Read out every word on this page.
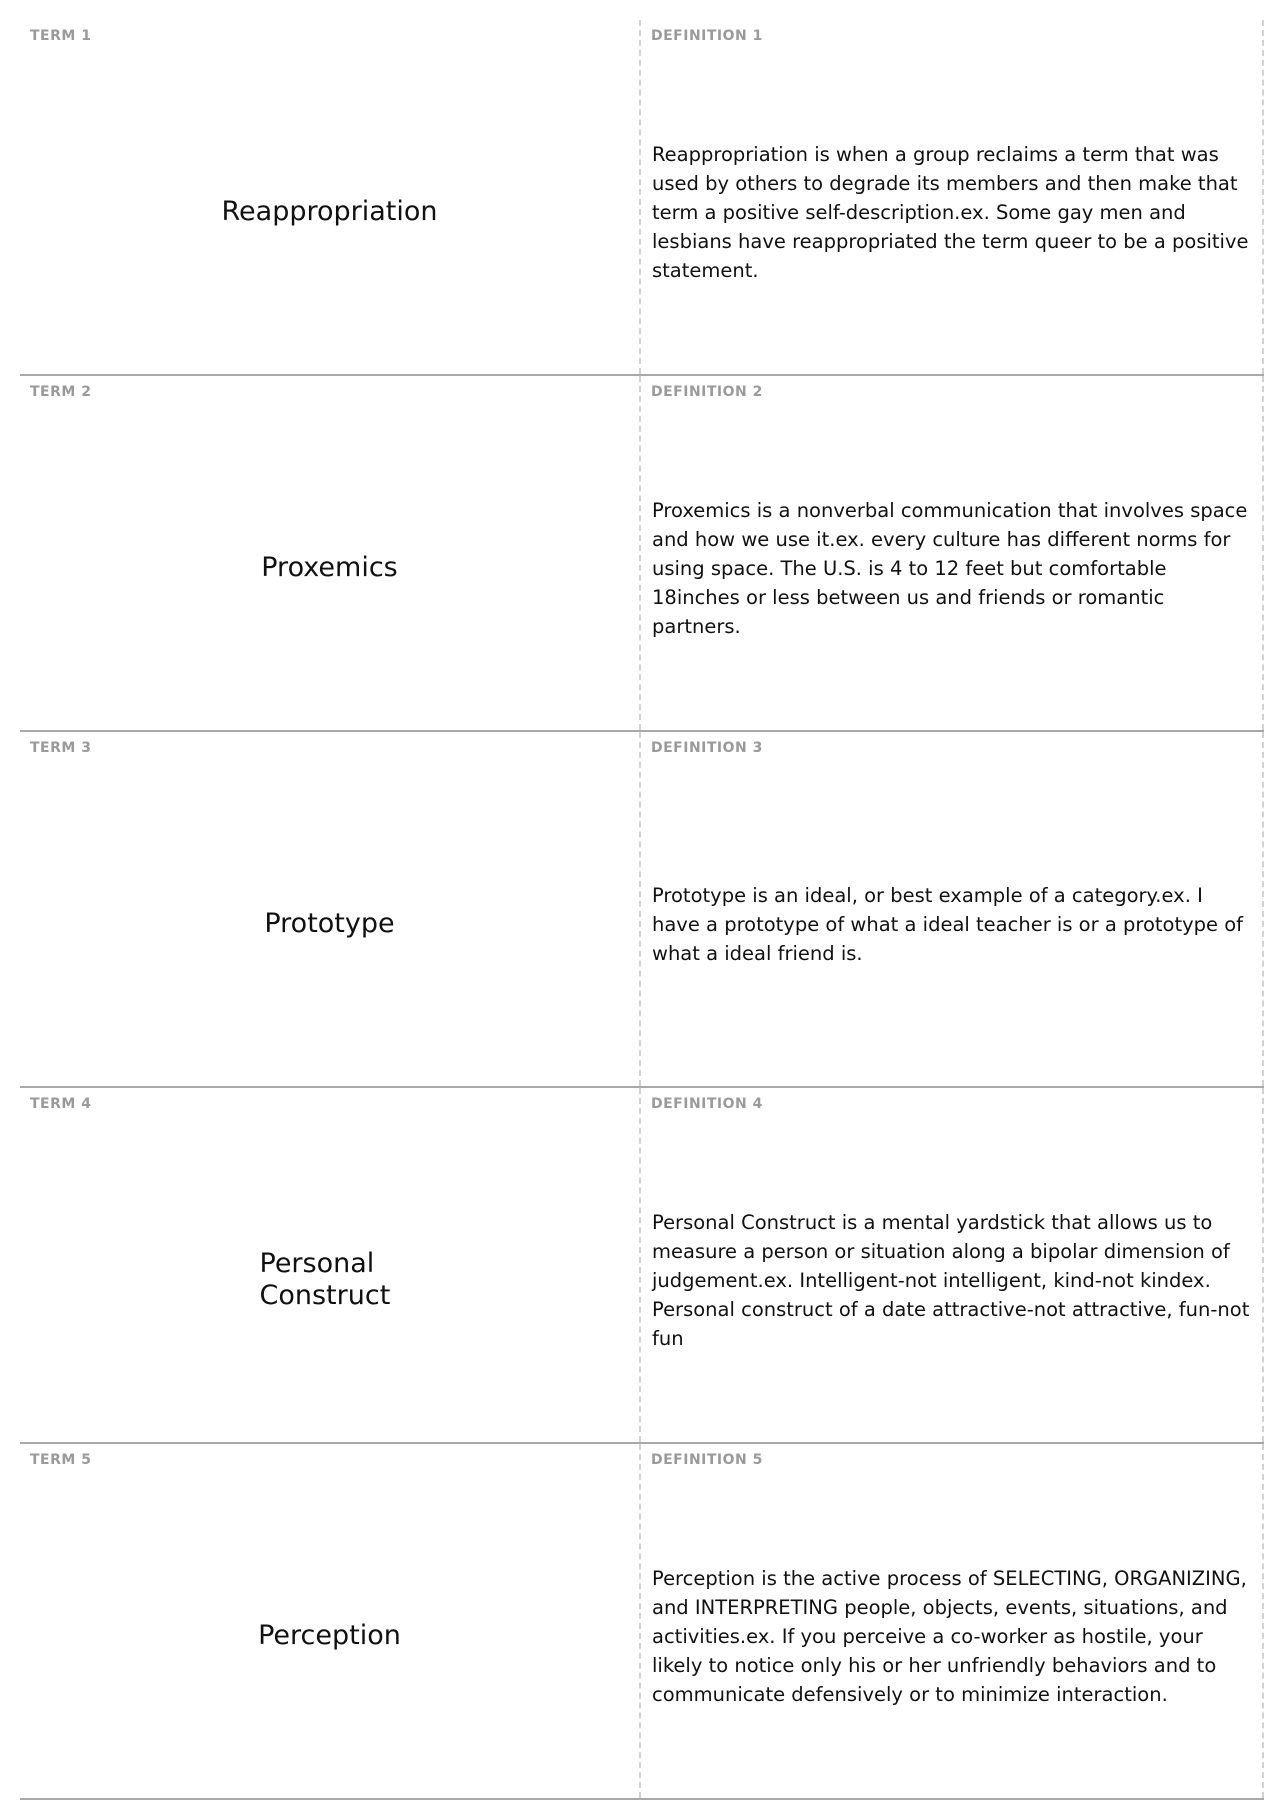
TERM 1
Reappropriation
DEFINITION 1
Reappropriation is when a group reclaims a term that was used by others to degrade its members and then make that term a positive self-description.ex. Some gay men and lesbians have reappropriated the term queer to be a positive statement.
TERM 2
Proxemics
DEFINITION 2
Proxemics is a nonverbal communication that involves space and how we use it.ex. every culture has different norms for using space. The U.S. is 4 to 12 feet but comfortable 18inches or less between us and friends or romantic partners.
TERM 3
Prototype
DEFINITION 3
Prototype is an ideal, or best example of a category.ex. I have a prototype of what a ideal teacher is or a prototype of what a ideal friend is.
TERM 4
Personal Construct
DEFINITION 4
Personal Construct is a mental yardstick that allows us to measure a person or situation along a bipolar dimension of judgement.ex. Intelligent-not intelligent, kind-not kindex. Personal construct of a date attractive-not attractive, fun-not fun
TERM 5
Perception
DEFINITION 5
Perception is the active process of SELECTING, ORGANIZING, and INTERPRETING people, objects, events, situations, and activities.ex. If you perceive a co-worker as hostile, your likely to notice only his or her unfriendly behaviors and to communicate defensively or to minimize interaction.
